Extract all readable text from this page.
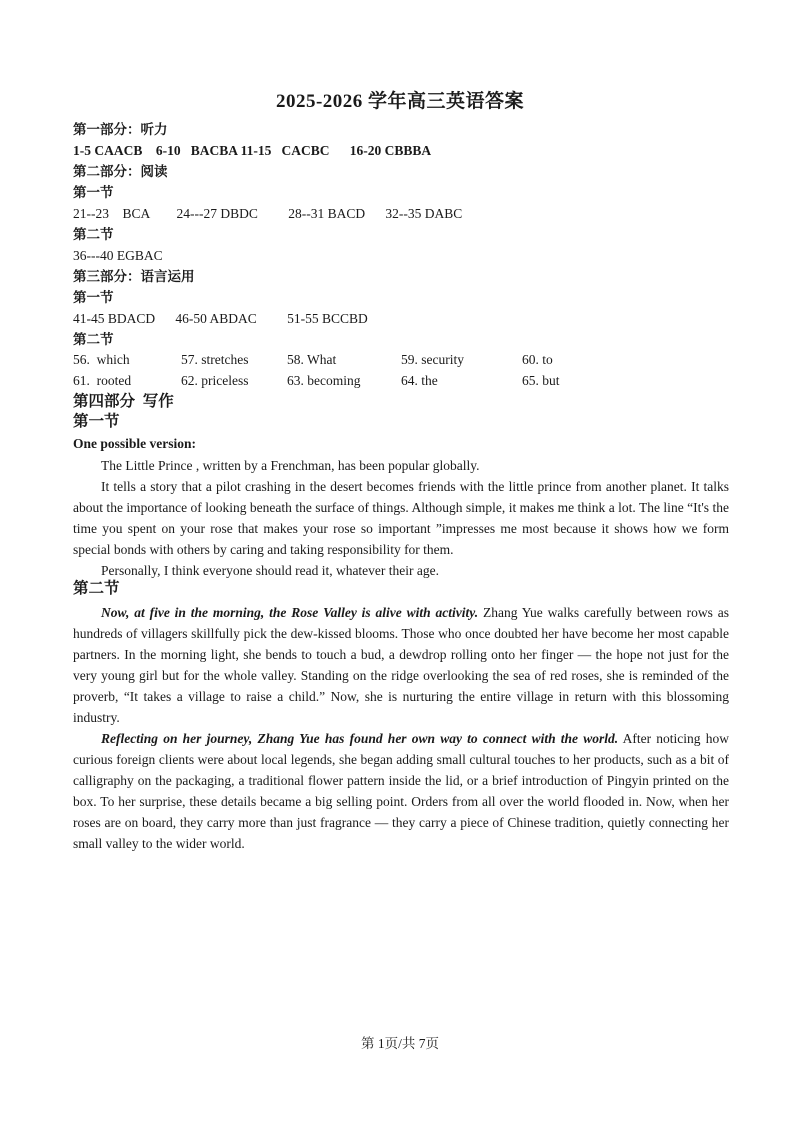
2025-2026 学年高三英语答案
第一部分：听力
1-5 CAACB    6-10   BACBA 11-15   CACBC      16-20 CBBBA
第二部分：阅读
第一节
21--23    BCA        24---27 DBDC         28--31 BACD      32--35 DABC
第二节
36---40 EGBAC
第三部分：语言运用
第一节
41-45 BDACD      46-50 ABDAC         51-55 BCCBD
第二节
56.  which	57. stretches	58. What	59. security	60. to
61.  rooted	62. priceless	63. becoming	64. the	65. but
第四部分  写作
第一节
One possible version:

The Little Prince , written by a Frenchman, has been popular globally.

It tells a story that a pilot crashing in the desert becomes friends with the little prince from another planet. It talks about the importance of looking beneath the surface of things. Although simple, it makes me think a lot. The line “It's the time you spent on your rose that makes your rose so important ”impresses me most because it shows how we form special bonds with others by caring and taking responsibility for them.

Personally, I think everyone should read it, whatever their age.

第二节

Now, at five in the morning, the Rose Valley is alive with activity. Zhang Yue walks carefully between rows as hundreds of villagers skillfully pick the dew-kissed blooms. Those who once doubted her have become her most capable partners. In the morning light, she bends to touch a bud, a dewdrop rolling onto her finger — the hope not just for the very young girl but for the whole valley. Standing on the ridge overlooking the sea of red roses, she is reminded of the proverb, “It takes a village to raise a child.” Now, she is nurturing the entire village in return with this blossoming industry.

Reflecting on her journey, Zhang Yue has found her own way to connect with the world. After noticing how curious foreign clients were about local legends, she began adding small cultural touches to her products, such as a bit of calligraphy on the packaging, a traditional flower pattern inside the lid, or a brief introduction of Pingyin printed on the box. To her surprise, these details became a big selling point. Orders from all over the world flooded in. Now, when her roses are on board, they carry more than just fragrance — they carry a piece of Chinese tradition, quietly connecting her small valley to the wider world.

第 1页/共 7页
